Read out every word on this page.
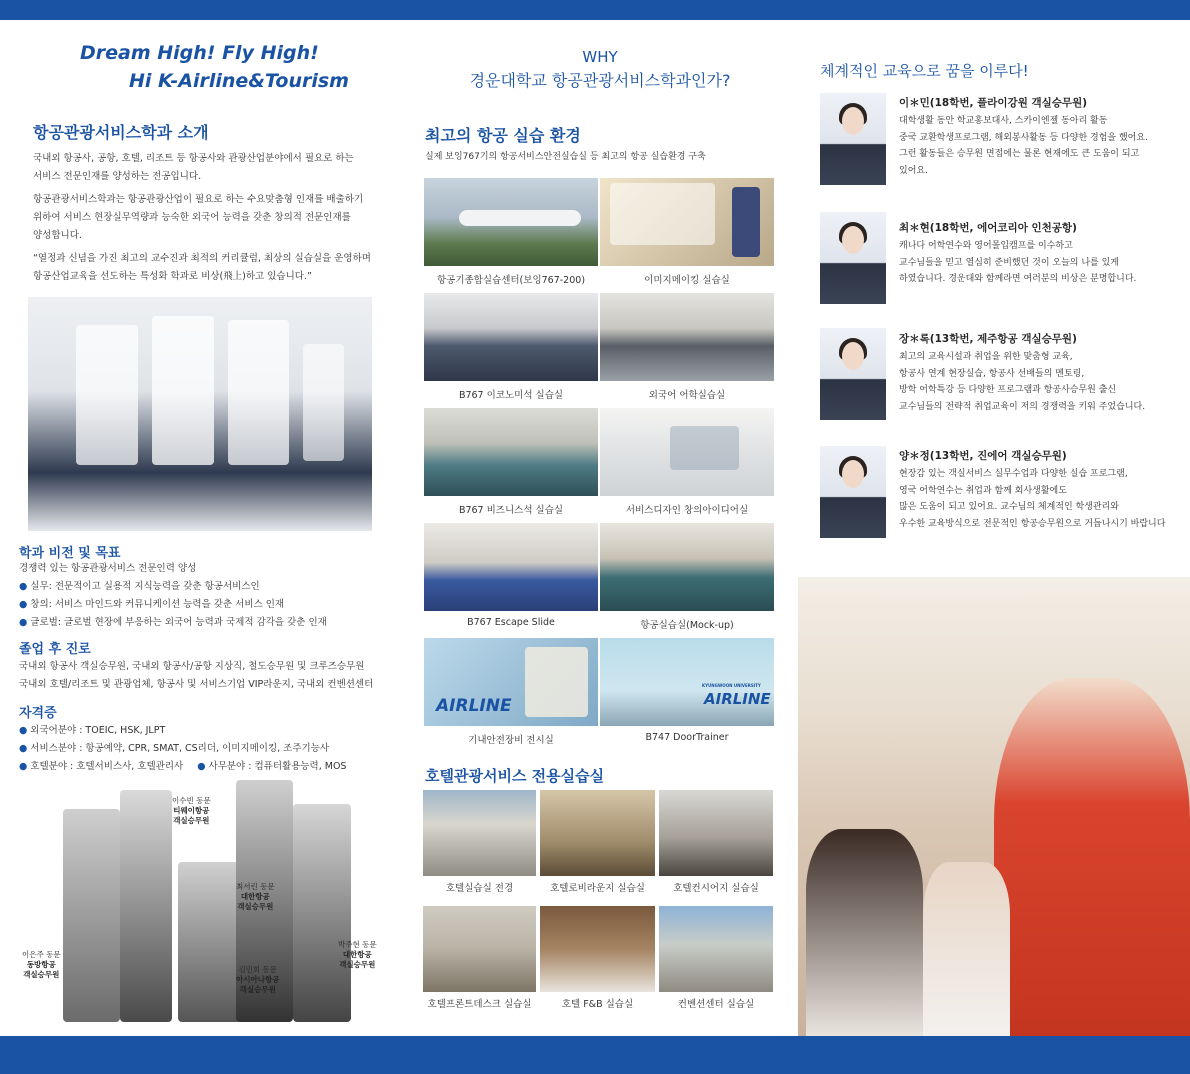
Dream High! Fly High!
Hi K-Airline&Tourism
항공관광서비스학과 소개
국내외 항공사, 공항, 호텔, 리조트 등 항공사와 관광산업분야에서 필요로 하는
서비스 전문인재를 양성하는 전공입니다.
항공관광서비스학과는 항공관광산업이 필요로 하는 수요맞춤형 인재를 배출하기
위하여 서비스 현장실무역량과 능숙한 외국어 능력을 갖춘 창의적 전문인재를
양성합니다.
“열정과 신념을 가진 최고의 교수진과 최적의 커리큘럼, 최상의 실습실을 운영하며
항공산업교육을 선도하는 특성화 학과로 비상(飛上)하고 있습니다.”
학과 비전 및 목표
경쟁력 있는 항공관광서비스 전문인력 양성
● 실무: 전문적이고 실용적 지식능력을 갖춘 항공서비스인
● 창의: 서비스 마인드와 커뮤니케이션 능력을 갖춘 서비스 인재
● 글로벌: 글로벌 현장에 부응하는 외국어 능력과 국제적 감각을 갖춘 인재
졸업 후 진로
국내외 항공사 객실승무원, 국내외 항공사/공항 지상직, 철도승무원 및 크루즈승무원
국내외 호텔/리조트 및 관광업체, 항공사 및 서비스기업 VIP라운지, 국내외 컨벤션센터
자격증
● 외국어분야 : TOEIC, HSK, JLPT
● 서비스분야 : 항공예약, CPR, SMAT, CS리더, 이미지메이킹, 조주기능사
● 호텔분야 : 호텔서비스사, 호텔관리사 ● 사무분야 : 컴퓨터활용능력, MOS
이수빈 동문
티웨이항공
객실승무원
최서린 동문
대한항공
객실승무원
이은주 동문
동방항공
객실승무원
김민희 동문
아시아나항공
객실승무원
박주현 동문
대한항공
객실승무원
WHY
경운대학교 항공관광서비스학과인가?
최고의 항공 실습 환경
실제 보잉767기의 항공서비스안전실습실 등 최고의 항공 실습환경 구축
항공기종합실습센터(보잉767-200)	이미지메이킹 실습실
B767 이코노미석 실습실	외국어 어학실습실
B767 비즈니스석 실습실	서비스디자인 창의아이디어실
B767 Escape Slide	항공실습실(Mock-up)
AIRLINE
KYUNGWOON UNIVERSITY
AIRLINE
기내안전장비 전시실	B747 DoorTrainer
호텔관광서비스 전용실습실
호텔실습실 전경	호텔로비라운지 실습실	호텔컨시어지 실습실
호텔프론트데스크 실습실	호텔 F&B 실습실	컨벤션센터 실습실
체계적인 교육으로 꿈을 이루다!
이＊민(18학번, 플라이강원 객실승무원)
대학생활 동안 학교홍보대사, 스카이엔젤 동아리 활동
중국 교환학생프로그램, 해외봉사활동 등 다양한 경험을 했어요.
그런 활동들은 승무원 면접에는 물론 현재에도 큰 도움이 되고
있어요.
최＊현(18학번, 에어코리아 인천공항)
캐나다 어학연수와 영어몰입캠프를 이수하고
교수님들을 믿고 열심히 준비했던 것이 오늘의 나를 있게
하였습니다. 경운대와 함께라면 여러분의 비상은 분명합니다.
장＊록(13학번, 제주항공 객실승무원)
최고의 교육시설과 취업을 위한 맞춤형 교육,
항공사 연계 현장실습, 항공사 선배들의 멘토링,
방학 어학특강 등 다양한 프로그램과 항공사승무원 출신
교수님들의 전략적 취업교육이 저의 경쟁력을 키워 주었습니다.
양＊정(13학번, 진에어 객실승무원)
현장감 있는 객실서비스 실무수업과 다양한 실습 프로그램,
영국 어학연수는 취업과 함께 회사생활에도
많은 도움이 되고 있어요. 교수님의 체계적인 학생관리와
우수한 교육방식으로 전문적인 항공승무원으로 거듭나시기 바랍니다
